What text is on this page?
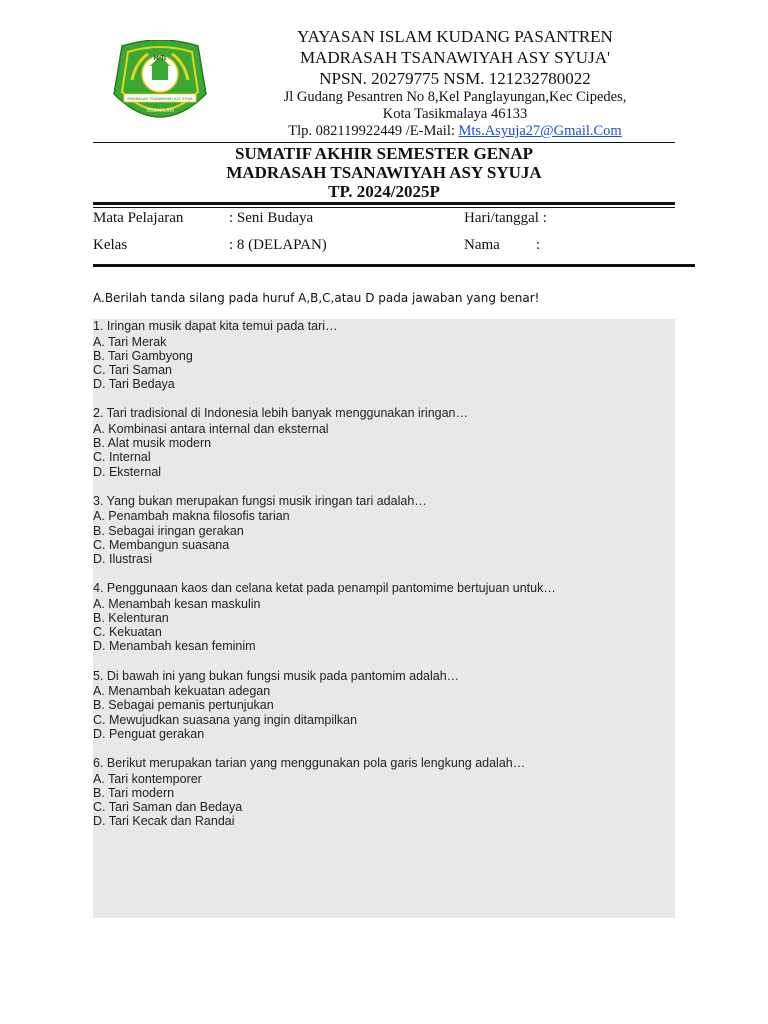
M.Ts
MADRASAH TSANAWIYAH ASY SYUJA
TASIKMALAYA
YAYASAN ISLAM KUDANG PASANTREN
MADRASAH TSANAWIYAH ASY SYUJA'
NPSN. 20279775 NSM. 121232780022
Jl Gudang Pesantren No 8,Kel Panglayungan,Kec Cipedes,
Kota Tasikmalaya 46133
Tlp. 082119922449 /E-Mail: Mts.Asyuja27@Gmail.Com
SUMATIF AKHIR SEMESTER GENAP
MADRASAH TSANAWIYAH ASY SYUJA
TP. 2024/2025P
Mata Pelajaran	: Seni Budaya	Hari/tanggal :
Kelas	: 8 (DELAPAN)	Nama :
A.Berilah tanda silang pada huruf A,B,C,atau D pada jawaban yang benar!
1. Iringan musik dapat kita temui pada tari…
A. Tari Merak
B. Tari Gambyong
C. Tari Saman
D. Tari Bedaya
2. Tari tradisional di Indonesia lebih banyak menggunakan iringan…
A. Kombinasi antara internal dan eksternal
B. Alat musik modern
C. Internal
D. Eksternal
3. Yang bukan merupakan fungsi musik iringan tari adalah…
A. Penambah makna filosofis tarian
B. Sebagai iringan gerakan
C. Membangun suasana
D. Ilustrasi
4. Penggunaan kaos dan celana ketat pada penampil pantomime bertujuan untuk…
A. Menambah kesan maskulin
B. Kelenturan
C. Kekuatan
D. Menambah kesan feminim
5. Di bawah ini yang bukan fungsi musik pada pantomim adalah…
A. Menambah kekuatan adegan
B. Sebagai pemanis pertunjukan
C. Mewujudkan suasana yang ingin ditampilkan
D. Penguat gerakan
6. Berikut merupakan tarian yang menggunakan pola garis lengkung adalah…
A. Tari kontemporer
B. Tari modern
C. Tari Saman dan Bedaya
D. Tari Kecak dan Randai
